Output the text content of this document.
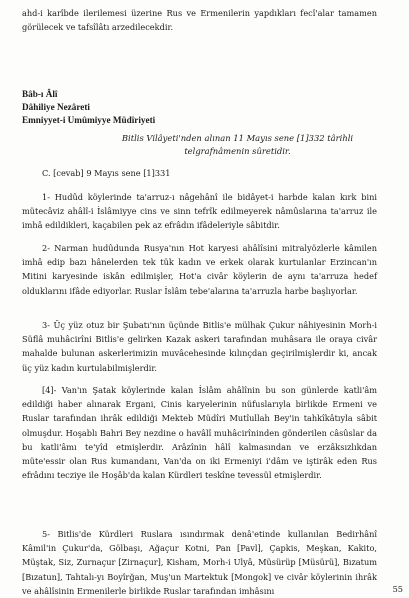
ahd-i karîbde ilerilemesi üzerine Rus ve Ermenilerin yapdıkları fecî'alar tamamen görülecek ve tafsîlâtı arzedilecekdir.
Bâb-ı Âlî
Dâhiliye Nezâreti
Emniyyet-i Umûmiyye Müdîriyeti
Bitlis Vilâyeti'nden alınan 11 Mayıs sene [1]332 târihli telgrafnâmenin sûretidir.
C. [cevab] 9 Mayıs sene [1]331
1- Hudûd köylerinde ta'arruz-ı nâgehânî ile bidâyet-i harbde kalan kırk bini mütecâviz ahâlî-i İslâmiyye cins ve sinn tefrîk edilmeyerek nâmûslarına ta'arruz ile imhâ edildikleri, kaçabilen pek az efrâdın ifâdeleriyle sâbitdir.
2- Narman hudûdunda Rusya'nın Hot karyesi ahâlîsini mitralyözlerle kâmilen imhâ edip bazı hânelerden tek tük kadın ve erkek olarak kurtulanlar Erzincan'ın Mitini karyesinde iskân edilmişler, Hot'a civâr köylerin de aynı ta'arruza hedef olduklarını ifâde ediyorlar. Ruslar İslâm tebe'alarına ta'arruzla harbe başlıyorlar.
3- Üç yüz otuz bir Şubatı'nın üçünde Bitlis'e mülhak Çukur nâhiyesinin Morh-i Süflâ muhâcirîni Bitlis'e gelirken Kazak askeri tarafından muhâsara ile oraya civâr mahalde bulunan askerlerimizin muvâcehesinde kılınçdan geçirilmişlerdir ki, ancak üç yüz kadın kurtulabilmişlerdir.
[4]- Van'ın Şatak köylerinde kalan İslâm ahâlînin bu son günlerde katli'âm edildiği haber alınarak Ergani, Cinis karyelerinin nüfuslarıyla birlikde Ermeni ve Ruslar tarafından ihrâk edildiği Mekteb Müdîri Mutîullah Bey'in tahkîkâtıyla sâbit olmuşdur. Hoşablı Bahri Bey nezdine o havâlî muhâcirîninden gönderilen câsûslar da bu katli'âmı te'yîd etmişlerdir. Arâzînin hâlî kalmasından ve erzâksızlıkdan müte'essir olan Rus kumandanı, Van'da on iki Ermeniyi i'dâm ve iştirâk eden Rus efrâdını tecziye ile Hoşâb'da kalan Kürdleri teskîne tevessül etmişlerdir.
5- Bitlis'de Kürdleri Ruslara ısındırmak denâ'etinde kullanılan Bedirhânî Kâmil'in Çukur'da, Gölbaşı, Ağaçur Kotni, Pan [Pavl], Çapkis, Meşkan, Kakito, Müştak, Siz, Zurnaçur [Zirnaçur], Kisham, Morh-i Ulyâ, Müsürüp [Müsürü], Bızatum [Bızatun], Tahtalı-yı Boyîrğan, Muş'un Martektuk [Mongok] ve civâr köylerinin ihrâk ve ahâlîsinin Ermenilerle birlikde Ruslar tarafından imhâsını	55
